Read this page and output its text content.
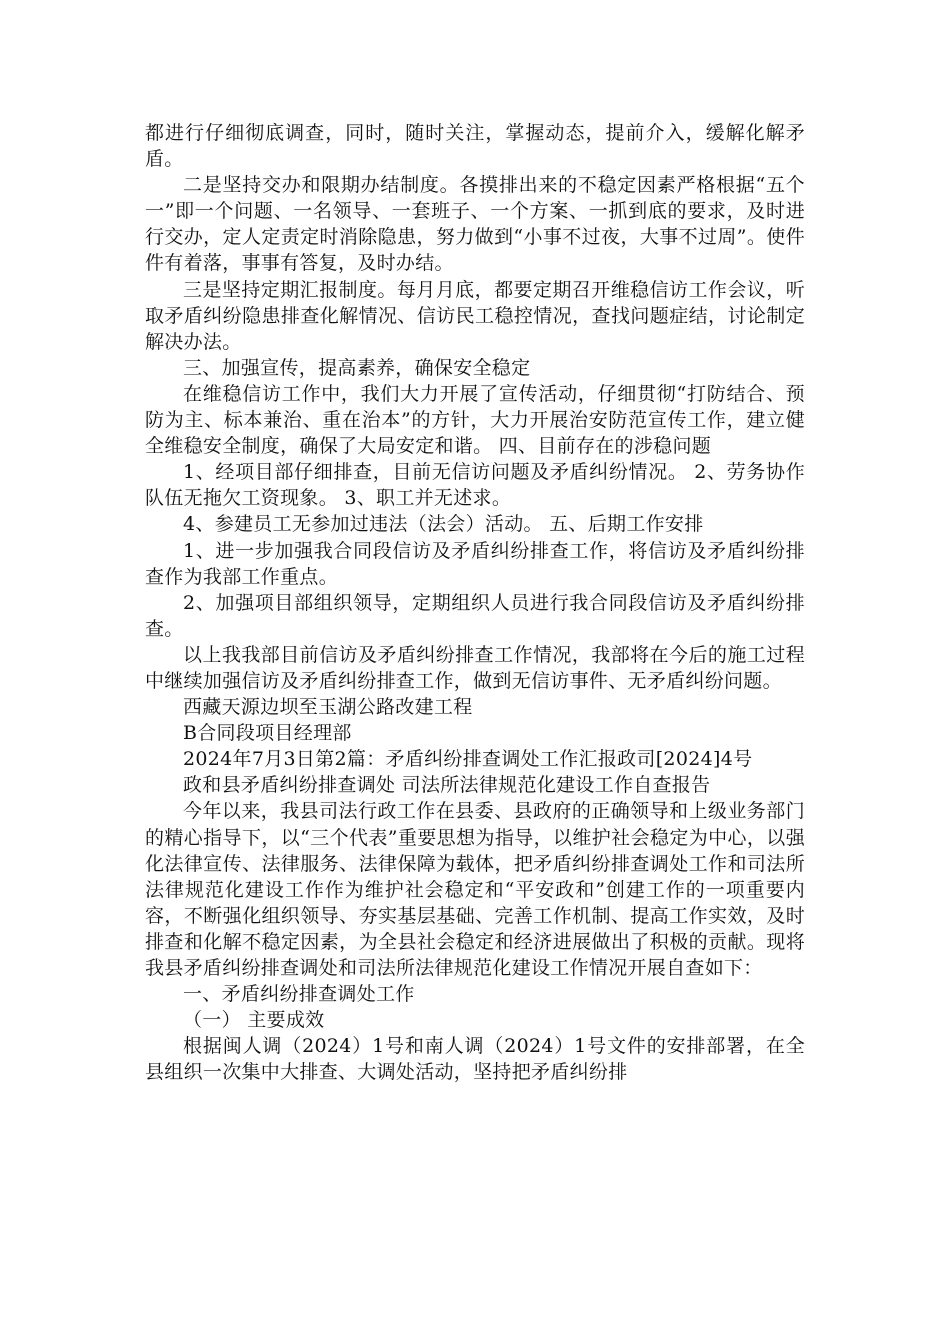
都进行仔细彻底调查，同时，随时关注，掌握动态，提前介入，缓解化解矛盾。

二是坚持交办和限期办结制度。各摸排出来的不稳定因素严格根据“五个一”即一个问题、一名领导、一套班子、一个方案、一抓到底的要求，及时进行交办，定人定责定时消除隐患，努力做到“小事不过夜，大事不过周”。使件件有着落，事事有答复，及时办结。

三是坚持定期汇报制度。每月月底，都要定期召开维稳信访工作会议，听取矛盾纠纷隐患排查化解情况、信访民工稳控情况，查找问题症结，讨论制定解决办法。

三、加强宣传，提高素养，确保安全稳定

在维稳信访工作中，我们大力开展了宣传活动，仔细贯彻“打防结合、预防为主、标本兼治、重在治本”的方针，大力开展治安防范宣传工作，建立健全维稳安全制度，确保了大局安定和谐。 四、目前存在的涉稳问题

1、经项目部仔细排查，目前无信访问题及矛盾纠纷情况。 2、劳务协作队伍无拖欠工资现象。 3、职工并无述求。

4、参建员工无参加过违法（法会）活动。 五、后期工作安排

1、进一步加强我合同段信访及矛盾纠纷排查工作，将信访及矛盾纠纷排查作为我部工作重点。

2、加强项目部组织领导，定期组织人员进行我合同段信访及矛盾纠纷排查。

以上我我部目前信访及矛盾纠纷排查工作情况，我部将在今后的施工过程中继续加强信访及矛盾纠纷排查工作，做到无信访事件、无矛盾纠纷问题。

西藏天源边坝至玉湖公路改建工程

B合同段项目经理部

2024年7月3日第2篇：矛盾纠纷排查调处工作汇报政司[2024]4号

政和县矛盾纠纷排查调处 司法所法律规范化建设工作自查报告

今年以来，我县司法行政工作在县委、县政府的正确领导和上级业务部门的精心指导下，以“三个代表”重要思想为指导，以维护社会稳定为中心，以强化法律宣传、法律服务、法律保障为载体，把矛盾纠纷排查调处工作和司法所法律规范化建设工作作为维护社会稳定和“平安政和”创建工作的一项重要内容，不断强化组织领导、夯实基层基础、完善工作机制、提高工作实效，及时排查和化解不稳定因素，为全县社会稳定和经济进展做出了积极的贡献。现将我县矛盾纠纷排查调处和司法所法律规范化建设工作情况开展自查如下：

一、矛盾纠纷排查调处工作

（一） 主要成效

根据闽人调（2024）1号和南人调（2024）1号文件的安排部署，在全县组织一次集中大排查、大调处活动，坚持把矛盾纠纷排
